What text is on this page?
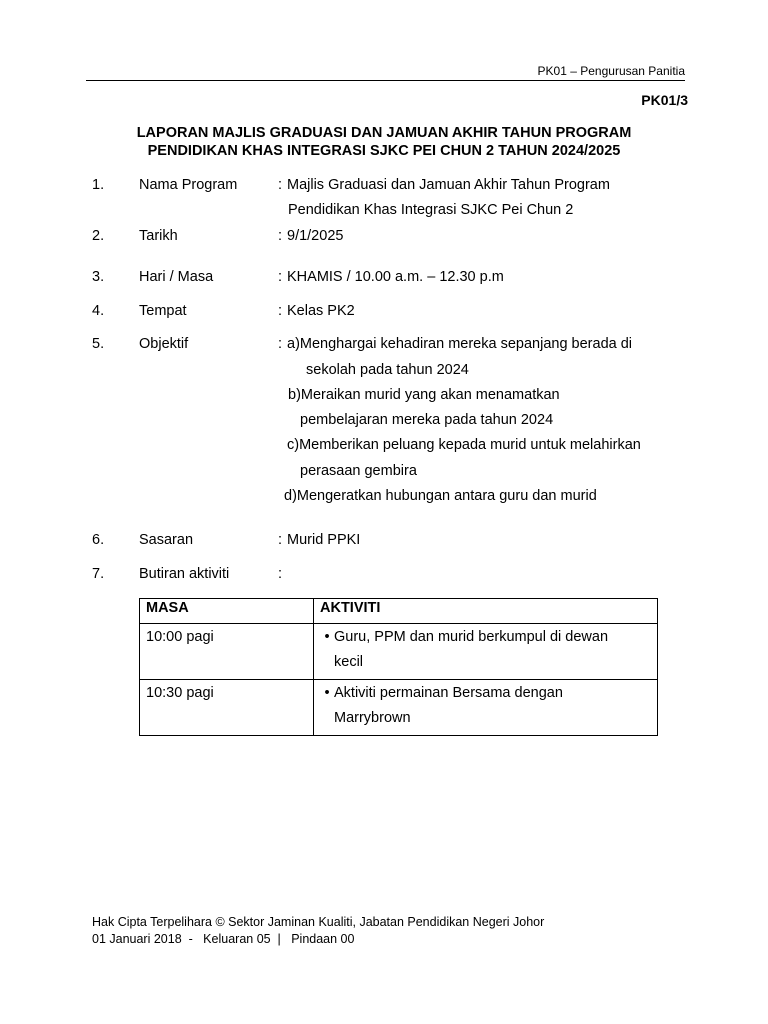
PK01 – Pengurusan Panitia
PK01/3
LAPORAN MAJLIS GRADUASI DAN JAMUAN AKHIR TAHUN PROGRAM
PENDIDIKAN KHAS INTEGRASI SJKC PEI CHUN 2 TAHUN 2024/2025
1. Nama Program	: Majlis Graduasi dan Jamuan Akhir Tahun Program
Pendidikan Khas Integrasi SJKC Pei Chun 2
2. Tarikh	: 9/1/2025
3. Hari / Masa	: KHAMIS / 10.00 a.m. – 12.30 p.m
4. Tempat	: Kelas PK2
5. Objektif	: a)Menghargai kehadiran mereka sepanjang berada di
sekolah pada tahun 2024
b)Meraikan murid yang akan menamatkan
pembelajaran mereka pada tahun 2024
c)Memberikan peluang kepada murid untuk melahirkan
perasaan gembira
d)Mengeratkan hubungan antara guru dan murid
6. Sasaran	: Murid PPKI
7. Butiran aktiviti	:
MASA	AKTIVITI
10:00 pagi	• Guru, PPM dan murid berkumpul di dewan
kecil

10:30 pagi	• Aktiviti permainan Bersama dengan
Marrybrown
Hak Cipta Terpelihara © Sektor Jaminan Kualiti, Jabatan Pendidikan Negeri Johor
01 Januari 2018  -   Keluaran 05  |   Pindaan 00
